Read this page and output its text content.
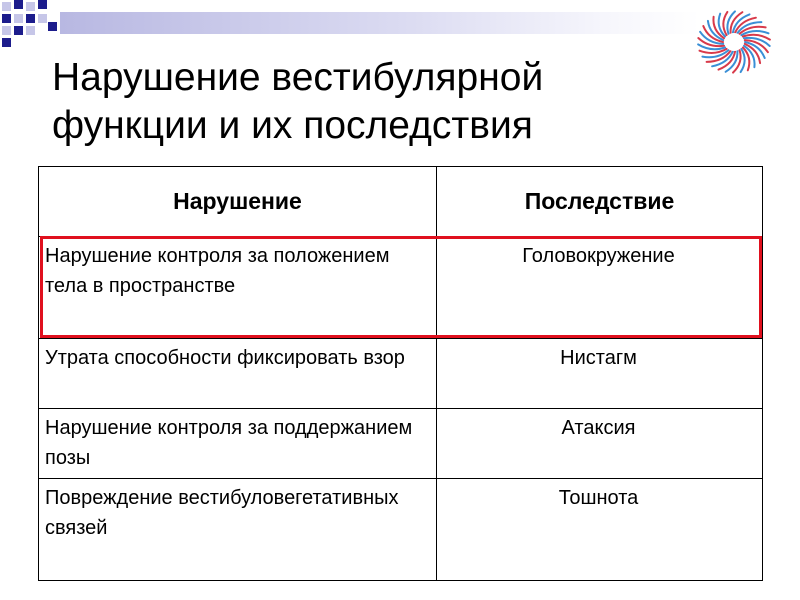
Нарушение вестибулярной
функции и их последствия
Нарушение	Последствие
Нарушение контроля за положением тела в пространстве	Головокружение
Утрата способности фиксировать взор	Нистагм
Нарушение контроля за поддержанием позы	Атаксия
Повреждение вестибуловегетативных связей	Тошнота
